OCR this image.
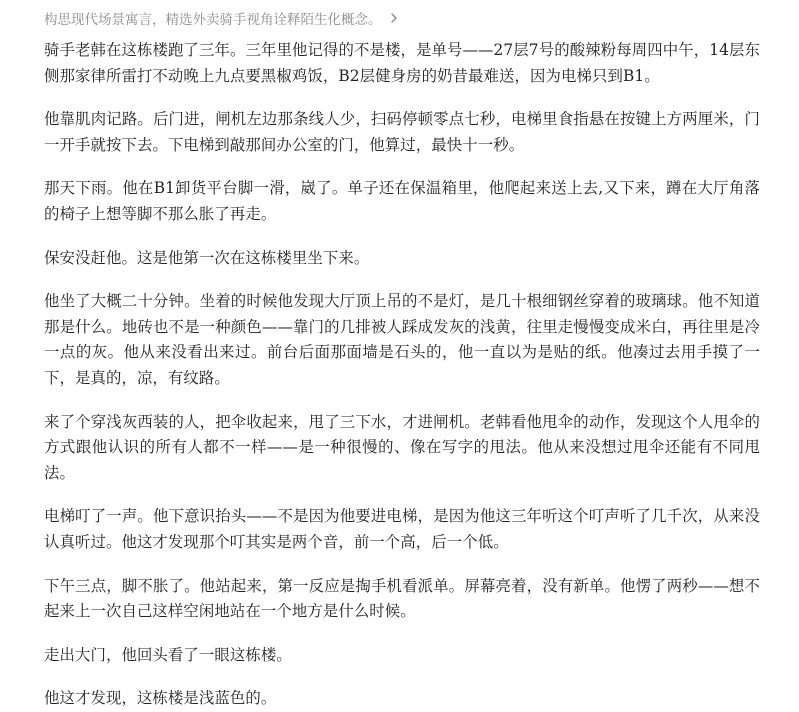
构思现代场景寓言，精选外卖骑手视角诠释陌生化概念。

骑手老韩在这栋楼跑了三年。三年里他记得的不是楼，是单号——27层7号的酸辣粉每周四中午，14层东侧那家律所雷打不动晚上九点要黑椒鸡饭，B2层健身房的奶昔最难送，因为电梯只到B1。

他靠肌肉记路。后门进，闸机左边那条线人少，扫码停顿零点七秒，电梯里食指悬在按键上方两厘米，门一开手就按下去。下电梯到敲那间办公室的门，他算过，最快十一秒。

那天下雨。他在B1卸货平台脚一滑，崴了。单子还在保温箱里，他爬起来送上去,又下来，蹲在大厅角落的椅子上想等脚不那么胀了再走。

保安没赶他。这是他第一次在这栋楼里坐下来。

他坐了大概二十分钟。坐着的时候他发现大厅顶上吊的不是灯，是几十根细钢丝穿着的玻璃球。他不知道那是什么。地砖也不是一种颜色——靠门的几排被人踩成发灰的浅黄，往里走慢慢变成米白，再往里是冷一点的灰。他从来没看出来过。前台后面那面墙是石头的，他一直以为是贴的纸。他凑过去用手摸了一下，是真的，凉，有纹路。

来了个穿浅灰西装的人，把伞收起来，甩了三下水，才进闸机。老韩看他甩伞的动作，发现这个人甩伞的方式跟他认识的所有人都不一样——是一种很慢的、像在写字的甩法。他从来没想过甩伞还能有不同甩法。

电梯叮了一声。他下意识抬头——不是因为他要进电梯，是因为他这三年听这个叮声听了几千次，从来没认真听过。他这才发现那个叮其实是两个音，前一个高，后一个低。

下午三点，脚不胀了。他站起来，第一反应是掏手机看派单。屏幕亮着，没有新单。他愣了两秒——想不起来上一次自己这样空闲地站在一个地方是什么时候。

走出大门，他回头看了一眼这栋楼。

他这才发现，这栋楼是浅蓝色的。
